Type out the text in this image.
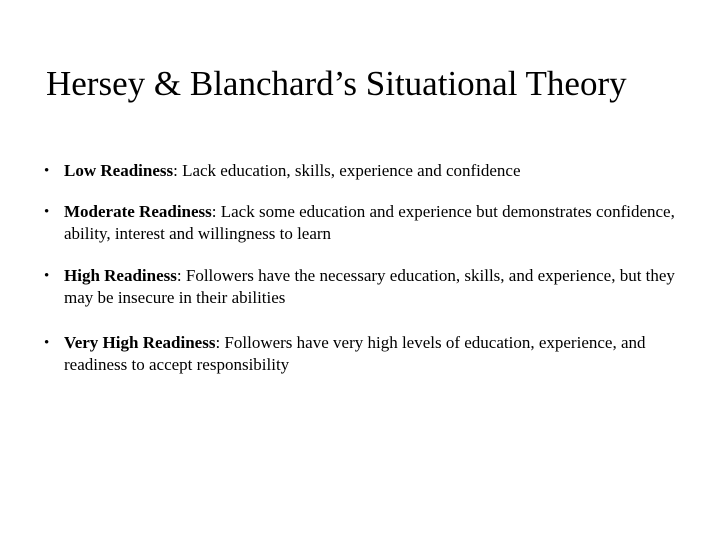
Hersey & Blanchard’s Situational Theory
• Low Readiness: Lack education, skills, experience and confidence
• Moderate Readiness: Lack some education and experience but demonstrates confidence, ability, interest and willingness to learn
• High Readiness: Followers have the necessary education, skills, and experience, but they may be insecure in their abilities
• Very High Readiness: Followers have very high levels of education, experience, and readiness to accept responsibility
